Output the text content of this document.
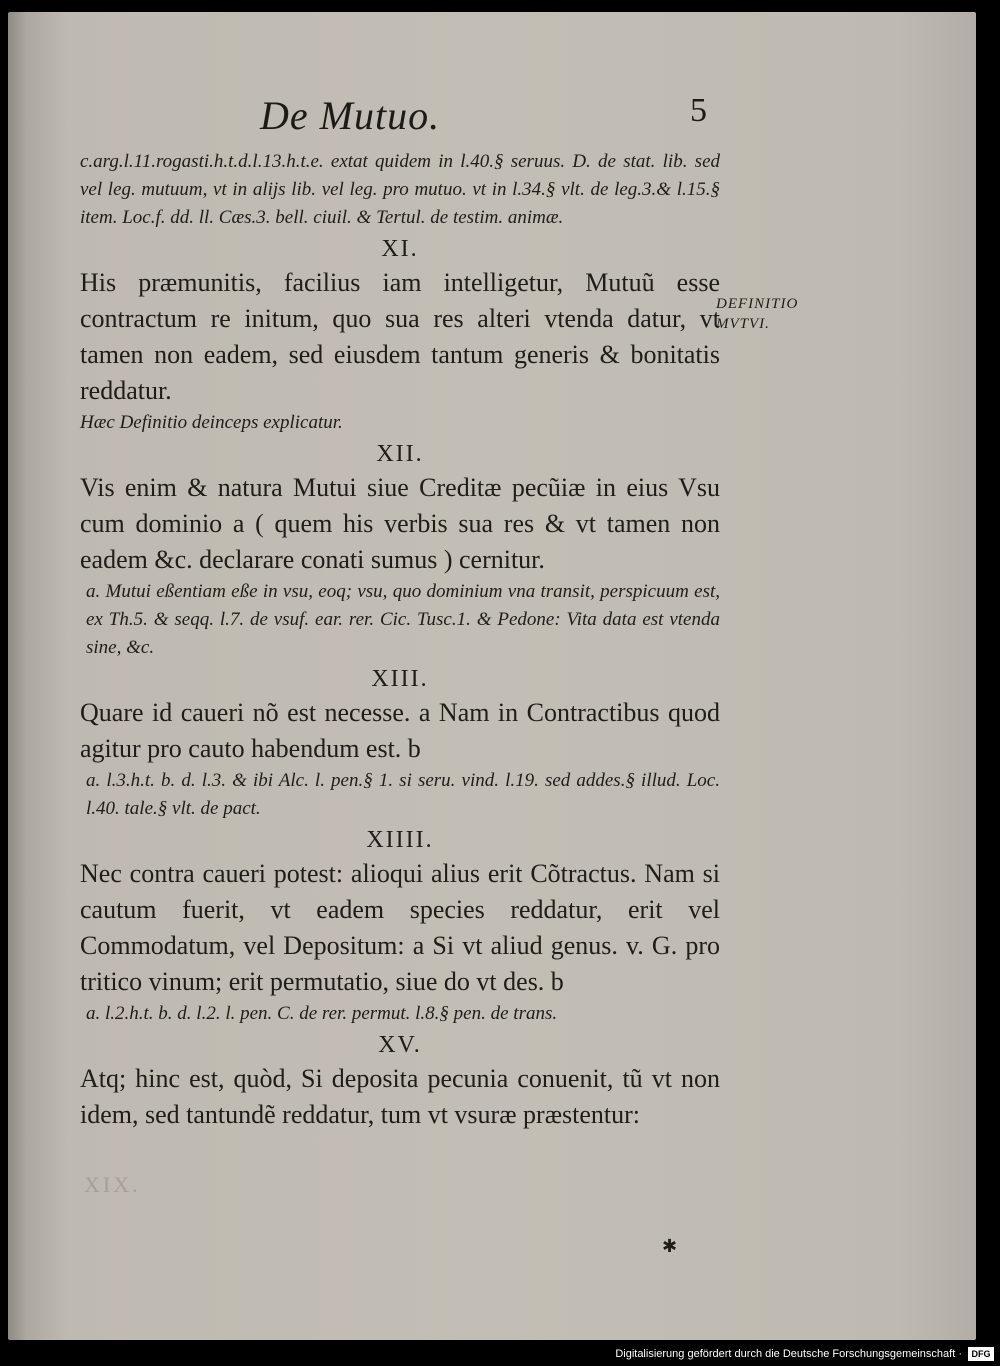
De Mutuo.	5
DEFINITIO MVTVI.

c.arg.l.11.rogasti.h.t.d.l.13.h.t.e. extat quidem in l.40.§ seruus. D. de stat. lib. sed vel leg. mutuum, vt in alijs lib. vel leg. pro mutuo. vt in l.34.§ vlt. de leg.3.& l.15.§ item. Loc.f. dd. ll. Cæs.3. bell. ciuil. & Tertul. de testim. animæ.

XI.

His præmunitis, facilius iam intelligetur, Mutuũ esse contractum re initum, quo sua res alteri vtenda datur, vt tamen non eadem, sed eiusdem tantum generis & bonitatis reddatur.

Hæc Definitio deinceps explicatur.

XII.

Vis enim & natura Mutui siue Creditæ pecũiæ in eius Vsu cum dominio a ( quem his verbis sua res & vt tamen non eadem &c. declarare conati sumus ) cernitur.

a. Mutui eßentiam eße in vsu, eoq; vsu, quo dominium vna transit, perspicuum est, ex Th.5. & seqq. l.7. de vsuf. ear. rer. Cic. Tusc.1. & Pedone: Vita data est vtenda sine, &c.

XIII.

Quare id caueri nõ est necesse. a Nam in Contractibus quod agitur pro cauto habendum est. b

a. l.3.h.t. b. d. l.3. & ibi Alc. l. pen.§ 1. si seru. vind. l.19. sed addes.§ illud. Loc. l.40. tale.§ vlt. de pact.

XIIII.

Nec contra caueri potest: alioqui alius erit Cõtractus. Nam si cautum fuerit, vt eadem species reddatur, erit vel Commodatum, vel Depositum: a Si vt aliud genus. v. G. pro tritico vinum; erit permutatio, siue do vt des. b

a. l.2.h.t. b. d. l.2. l. pen. C. de rer. permut. l.8.§ pen. de trans.

XV.

Atq; hinc est, quòd, Si deposita pecunia conuenit, tũ vt non idem, sed tantundẽ reddatur, tum vt vsuræ præstentur:

XIX.
✱
Digitalisierung gefördert durch die Deutsche Forschungsgemeinschaft ·	DFG
